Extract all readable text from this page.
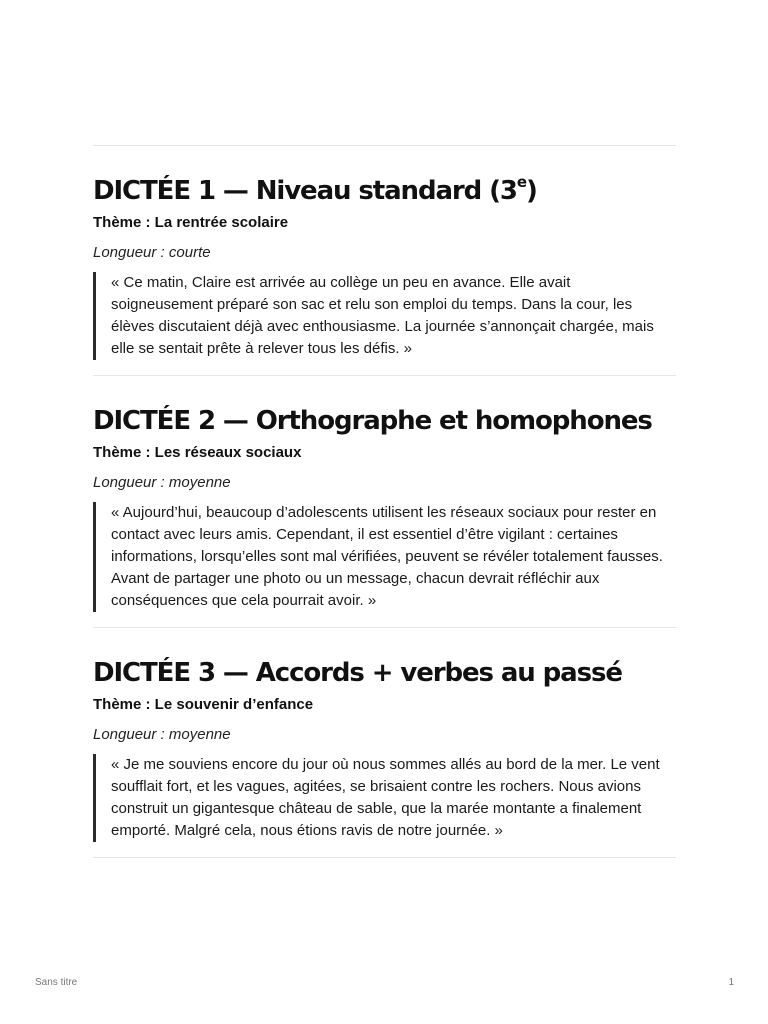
DICTÉE 1 — Niveau standard (3e)
Thème : La rentrée scolaire
Longueur : courte
« Ce matin, Claire est arrivée au collège un peu en avance. Elle avait soigneusement préparé son sac et relu son emploi du temps. Dans la cour, les élèves discutaient déjà avec enthousiasme. La journée s’annonçait chargée, mais elle se sentait prête à relever tous les défis. »
DICTÉE 2 — Orthographe et homophones
Thème : Les réseaux sociaux
Longueur : moyenne
« Aujourd’hui, beaucoup d’adolescents utilisent les réseaux sociaux pour rester en contact avec leurs amis. Cependant, il est essentiel d’être vigilant : certaines informations, lorsqu’elles sont mal vérifiées, peuvent se révéler totalement fausses. Avant de partager une photo ou un message, chacun devrait réfléchir aux conséquences que cela pourrait avoir. »
DICTÉE 3 — Accords + verbes au passé
Thème : Le souvenir d’enfance
Longueur : moyenne
« Je me souviens encore du jour où nous sommes allés au bord de la mer. Le vent soufflait fort, et les vagues, agitées, se brisaient contre les rochers. Nous avions construit un gigantesque château de sable, que la marée montante a finalement emporté. Malgré cela, nous étions ravis de notre journée. »
Sans titre	1
